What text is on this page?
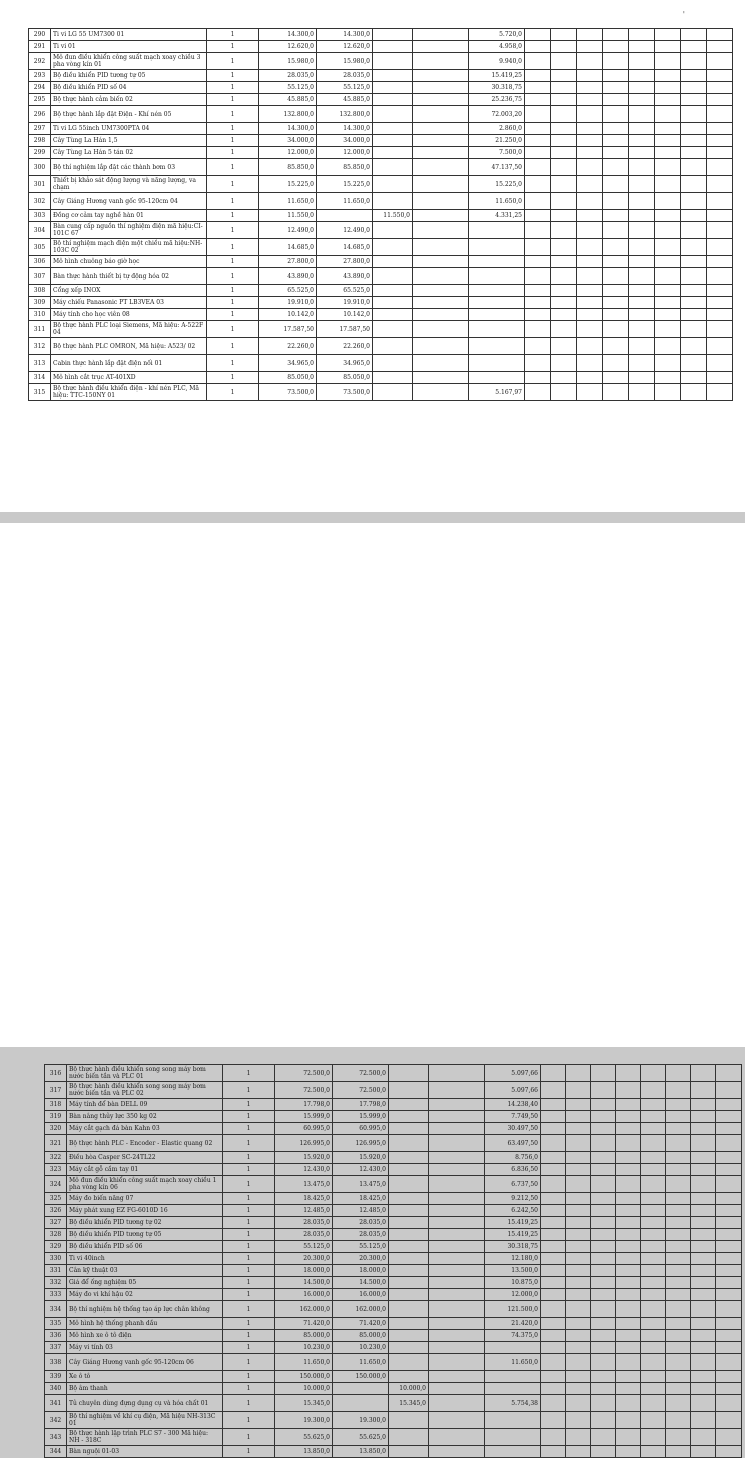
'
290	Ti vi LG 55 UM7300 01	1	14.300,0	14.300,0			5.720,0								
291	Ti vi 01	1	12.620,0	12.620,0			4.958,0								
292	Mô đun điều khiển công suất mạch xoay chiều 3 pha vòng kín 01	1	15.980,0	15.980,0			9.940,0								
293	Bộ điều khiển PID tương tự 05	1	28.035,0	28.035,0			15.419,25								
294	Bộ điều khiển PID số 04	1	55.125,0	55.125,0			30.318,75								
295	Bộ thực hành cảm biến 02	1	45.885,0	45.885,0			25.236,75								
296	Bộ thực hành lắp đặt Điện - Khí nén 05	1	132.800,0	132.800,0			72.003,20								
297	Ti vi LG 55inch UM7300PTA 04	1	14.300,0	14.300,0			2.860,0								
298	Cây Tùng La Hán 1,5	1	34.000,0	34.000,0			21.250,0								
299	Cây Tùng La Hán 5 tán 02	1	12.000,0	12.000,0			7.500,0								
300	Bộ thí nghiệm lắp đặt các thành bơm 03	1	85.850,0	85.850,0			47.137,50								
301	Thiết bị khảo sát động lượng và năng lượng, va chạm	1	15.225,0	15.225,0			15.225,0								
302	Cây Giáng Hương vanh gốc 95-120cm 04	1	11.650,0	11.650,0			11.650,0								
303	Đồng cơ cảm tay nghề hàn 01	1	11.550,0		11.550,0		4.331,25								
304	Bàn cung cấp nguồn thí nghiệm điện mã hiệu:CI-101C 67	1	12.490,0	12.490,0											
305	Bộ thí nghiệm mạch điện một chiều mã hiệu:NH-103C 02	1	14.685,0	14.685,0											
306	Mô hình chuông báo giờ học	1	27.800,0	27.800,0											
307	Bàn thực hành thiết bị tự động hóa 02	1	43.890,0	43.890,0											
308	Cổng xếp INOX	1	65.525,0	65.525,0											
309	Máy chiếu Panasonic PT LB3VEA 03	1	19.910,0	19.910,0											
310	Máy tính cho học viên 08	1	10.142,0	10.142,0											
311	Bộ thực hành PLC loại Siemens, Mã hiệu: A-522F 04	1	17.587,50	17.587,50											
312	Bộ thực hành PLC OMRON, Mã hiệu: A523/ 02	1	22.260,0	22.260,0											
313	Cabin thực hành lắp đặt điện nối 01	1	34.965,0	34.965,0											
314	Mô hình cắt trục AT-401XD	1	85.050,0	85.050,0											
315	Bộ thực hành điều khiển điện - khí nén PLC, Mã hiệu: TTC-150NY 01	1	73.500,0	73.500,0			5.167,97								
316	Bộ thực hành điều khiển song song máy bơm nước biến tần và PLC 01	1	72.500,0	72.500,0			5.097,66								
317	Bộ thực hành điều khiển song song máy bơm nước biến tần và PLC 02	1	72.500,0	72.500,0			5.097,66								
318	Máy tính để bàn DELL 09	1	17.798,0	17.798,0			14.238,40								
319	Bàn nâng thủy lực 350 kg 02	1	15.999,0	15.999,0			7.749,50								
320	Máy cắt gạch đá bàn Kahn 03	1	60.995,0	60.995,0			30.497,50								
321	Bộ thực hành PLC - Encoder - Elastic quang 02	1	126.995,0	126.995,0			63.497,50								
322	Điều hòa Casper SC-24TL22	1	15.920,0	15.920,0			8.756,0								
323	Máy cắt gỗ cầm tay 01	1	12.430,0	12.430,0			6.836,50								
324	Mô đun điều khiển công suất mạch xoay chiều 1 pha vòng kín 06	1	13.475,0	13.475,0			6.737,50								
325	Máy đo biến năng 07	1	18.425,0	18.425,0			9.212,50								
326	Máy phát xung EZ FG-6010D 16	1	12.485,0	12.485,0			6.242,50								
327	Bộ điều khiển PID tương tự 02	1	28.035,0	28.035,0			15.419,25								
328	Bộ điều khiển PID tương tự 05	1	28.035,0	28.035,0			15.419,25								
329	Bộ điều khiển PID số 06	1	55.125,0	55.125,0			30.318,75								
330	Ti vi 40inch	1	20.300,0	20.300,0			12.180,0								
331	Cân kỹ thuật 03	1	18.000,0	18.000,0			13.500,0								
332	Giá để ống nghiệm 05	1	14.500,0	14.500,0			10.875,0								
333	Máy đo vi khí hậu 02	1	16.000,0	16.000,0			12.000,0								
334	Bộ thí nghiệm hệ thống tạo áp lực chân không	1	162.000,0	162.000,0			121.500,0								
335	Mô hình hệ thống phanh dầu	1	71.420,0	71.420,0			21.420,0								
336	Mô hình xe ô tô điện	1	85.000,0	85.000,0			74.375,0								
337	Máy vi tính 03	1	10.230,0	10.230,0											
338	Cây Giáng Hương vanh gốc 95-120cm 06	1	11.650,0	11.650,0			11.650,0								
339	Xe ô tô	1	150.000,0	150.000,0											
340	Bộ âm thanh	1	10.000,0		10.000,0										
341	Tủ chuyên dùng đựng dụng cụ và hóa chất 01	1	15.345,0		15.345,0		5.754,38								
342	Bộ thí nghiệm về khí cụ điện, Mã hiệu NH-313C 01	1	19.300,0	19.300,0											
343	Bộ thực hành lập trình PLC S7 - 300 Mã hiệu: NH - 318C	1	55.625,0	55.625,0											
344	Bàn nguội 01-03	1	13.850,0	13.850,0											
